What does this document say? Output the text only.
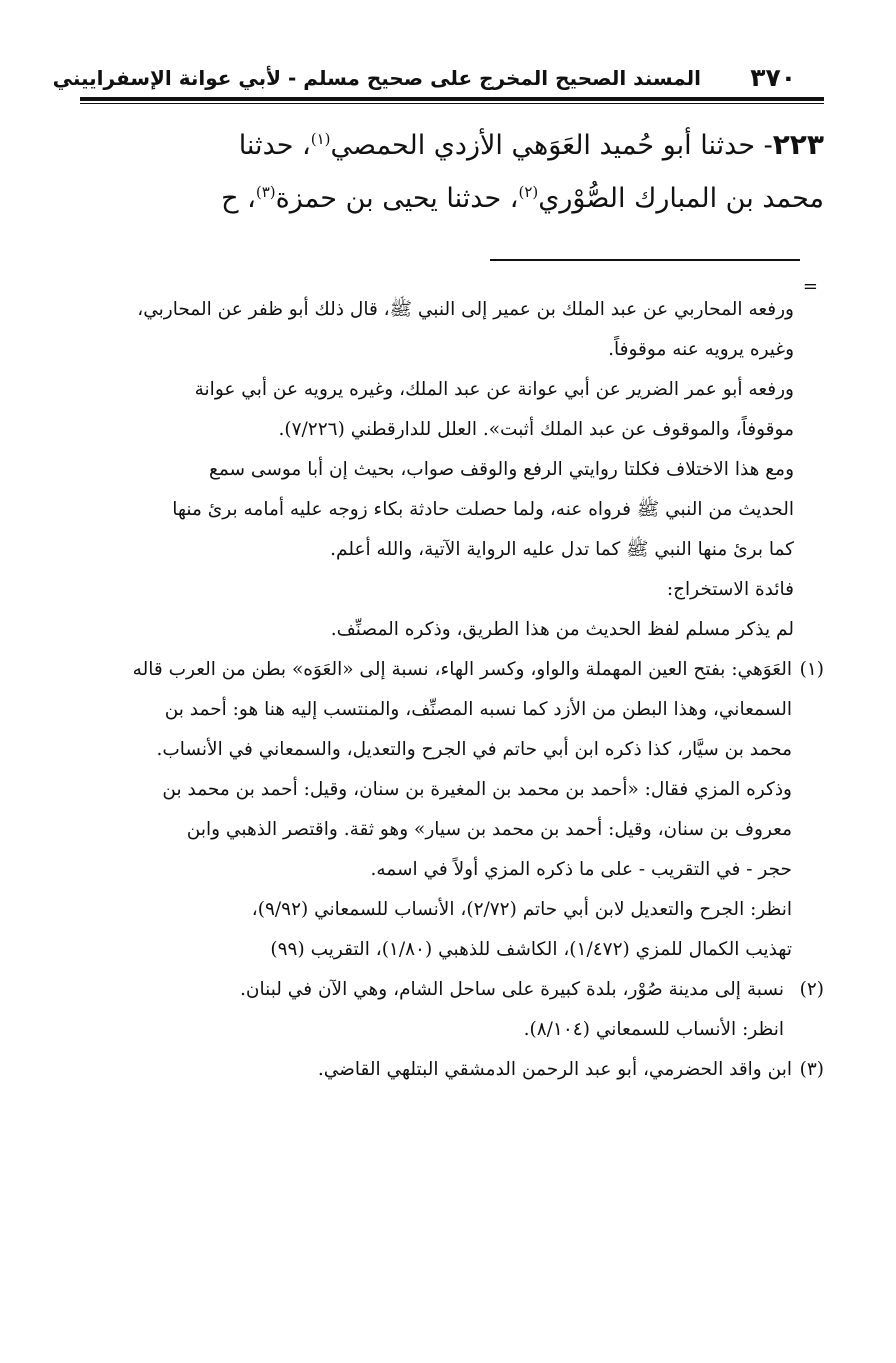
٣٧٠
المسند الصحيح المخرج على صحيح مسلم - لأبي عوانة الإسفراييني

٢٢٣- حدثنا أبو حُميد العَوَهي الأزدي الحمصي$^{(١)}$، حدثنا

محمد بن المبارك الصُّوْري$^{(٢)}$، حدثنا يحيى بن حمزة$^{(٣)}$، ح

=

ورفعه المحاربي عن عبد الملك بن عمير إلى النبي ﷺ، قال ذلك أبو ظفر عن المحاربي،

وغيره يرويه عنه موقوفاً.

ورفعه أبو عمر الضرير عن أبي عوانة عن عبد الملك، وغيره يرويه عن أبي عوانة

موقوفاً، والموقوف عن عبد الملك أثبت». العلل للدارقطني (٧/٢٢٦).

ومع هذا الاختلاف فكلتا روايتي الرفع والوقف صواب، بحيث إن أبا موسى سمع

الحديث من النبي ﷺ فرواه عنه، ولما حصلت حادثة بكاء زوجه عليه أمامه برئ منها

كما برئ منها النبي ﷺ كما تدل عليه الرواية الآتية، والله أعلم.

فائدة الاستخراج:

لم يذكر مسلم لفظ الحديث من هذا الطريق، وذكره المصنِّف.

(١)

العَوَهي: بفتح العين المهملة والواو، وكسر الهاء، نسبة إلى «العَوَه» بطن من العرب قاله

السمعاني، وهذا البطن من الأزد كما نسبه المصنِّف، والمنتسب إليه هنا هو: أحمد بن

محمد بن سيَّار، كذا ذكره ابن أبي حاتم في الجرح والتعديل، والسمعاني في الأنساب.

وذكره المزي فقال: «أحمد بن محمد بن المغيرة بن سنان، وقيل: أحمد بن محمد بن

معروف بن سنان، وقيل: أحمد بن محمد بن سيار» وهو ثقة. واقتصر الذهبي وابن

حجر - في التقريب - على ما ذكره المزي أولاً في اسمه.

انظر: الجرح والتعديل لابن أبي حاتم (٢/٧٢)، الأنساب للسمعاني (٩/٩٢)،

تهذيب الكمال للمزي (١/٤٧٢)، الكاشف للذهبي (١/٨٠)، التقريب (٩٩)

(٢)

نسبة إلى مدينة صُوْر، بلدة كبيرة على ساحل الشام، وهي الآن في لبنان.

انظر: الأنساب للسمعاني (٨/١٠٤).

(٣)

ابن واقد الحضرمي، أبو عبد الرحمن الدمشقي البتلهي القاضي.
